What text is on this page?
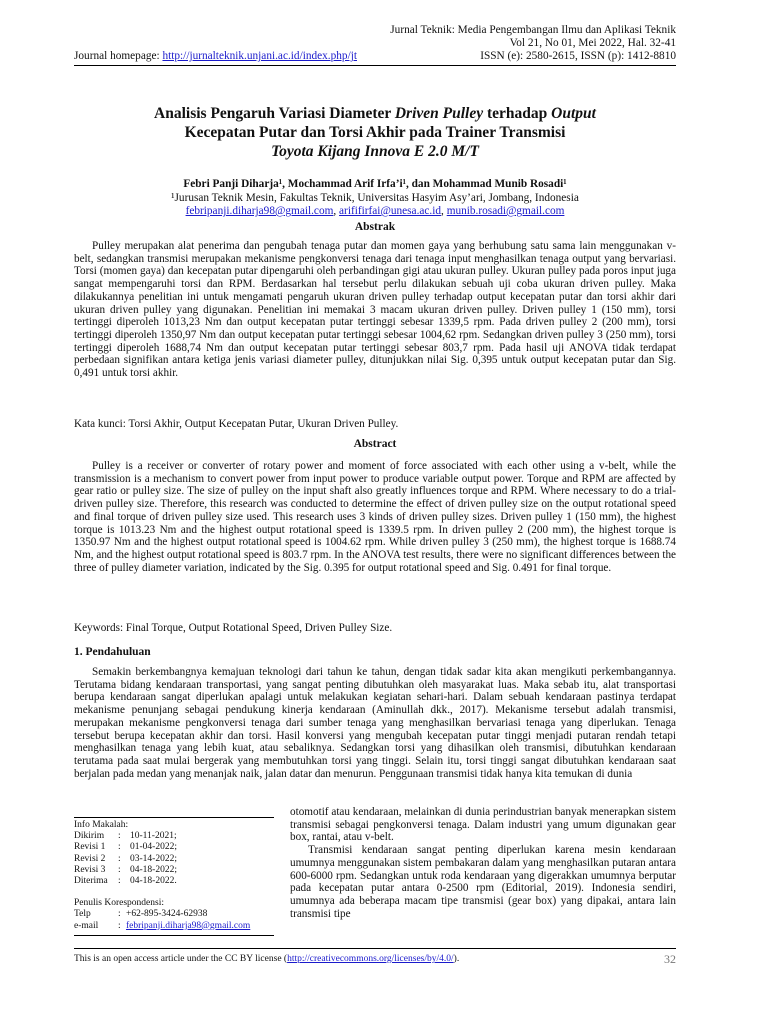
Jurnal Teknik: Media Pengembangan Ilmu dan Aplikasi Teknik
Vol 21, No 01, Mei 2022, Hal. 32-41
Journal homepage: http://jurnalteknik.unjani.ac.id/index.php/jt	ISSN (e): 2580-2615, ISSN (p): 1412-8810
Analisis Pengaruh Variasi Diameter Driven Pulley terhadap Output
Kecepatan Putar dan Torsi Akhir pada Trainer Transmisi
Toyota Kijang Innova E 2.0 M/T
Febri Panji Diharja¹, Mochammad Arif Irfa’i¹, dan Mohammad Munib Rosadi¹
¹Jurusan Teknik Mesin, Fakultas Teknik, Universitas Hasyim Asy’ari, Jombang, Indonesia
febripanji.diharja98@gmail.com, arififirfai@unesa.ac.id, munib.rosadi@gmail.com
Abstrak
Pulley merupakan alat penerima dan pengubah tenaga putar dan momen gaya yang berhubung satu sama lain menggunakan v-belt, sedangkan transmisi merupakan mekanisme pengkonversi tenaga dari tenaga input menghasilkan tenaga output yang bervariasi. Torsi (momen gaya) dan kecepatan putar dipengaruhi oleh perbandingan gigi atau ukuran pulley. Ukuran pulley pada poros input juga sangat mempengaruhi torsi dan RPM. Berdasarkan hal tersebut perlu dilakukan sebuah uji coba ukuran driven pulley. Maka dilakukannya penelitian ini untuk mengamati pengaruh ukuran driven pulley terhadap output kecepatan putar dan torsi akhir dari ukuran driven pulley yang digunakan. Penelitian ini memakai 3 macam ukuran driven pulley. Driven pulley 1 (150 mm), torsi tertinggi diperoleh 1013,23 Nm dan output kecepatan putar tertinggi sebesar 1339,5 rpm. Pada driven pulley 2 (200 mm), torsi tertinggi diperoleh 1350,97 Nm dan output kecepatan putar tertinggi sebesar 1004,62 rpm. Sedangkan driven pulley 3 (250 mm), torsi tertinggi diperoleh 1688,74 Nm dan output kecepatan putar tertinggi sebesar 803,7 rpm. Pada hasil uji ANOVA tidak terdapat perbedaan signifikan antara ketiga jenis variasi diameter pulley, ditunjukkan nilai Sig. 0,395 untuk output kecepatan putar dan Sig. 0,491 untuk torsi akhir.
Kata kunci: Torsi Akhir, Output Kecepatan Putar, Ukuran Driven Pulley.
Abstract
Pulley is a receiver or converter of rotary power and moment of force associated with each other using a v-belt, while the transmission is a mechanism to convert power from input power to produce variable output power. Torque and RPM are affected by gear ratio or pulley size. The size of pulley on the input shaft also greatly influences torque and RPM. Where necessary to do a trial-driven pulley size. Therefore, this research was conducted to determine the effect of driven pulley size on the output rotational speed and final torque of driven pulley size used. This research uses 3 kinds of driven pulley sizes. Driven pulley 1 (150 mm), the highest torque is 1013.23 Nm and the highest output rotational speed is 1339.5 rpm. In driven pulley 2 (200 mm), the highest torque is 1350.97 Nm and the highest output rotational speed is 1004.62 rpm. While driven pulley 3 (250 mm), the highest torque is 1688.74 Nm, and the highest output rotational speed is 803.7 rpm. In the ANOVA test results, there were no significant differences between the three of pulley diameter variation, indicated by the Sig. 0.395 for output rotational speed and Sig. 0.491 for final torque.
Keywords: Final Torque, Output Rotational Speed, Driven Pulley Size.
1. Pendahuluan
Semakin berkembangnya kemajuan teknologi dari tahun ke tahun, dengan tidak sadar kita akan mengikuti perkembangannya. Terutama bidang kendaraan transportasi, yang sangat penting dibutuhkan oleh masyarakat luas. Maka sebab itu, alat transportasi berupa kendaraan sangat diperlukan apalagi untuk melakukan kegiatan sehari-hari. Dalam sebuah kendaraan pastinya terdapat mekanisme penunjang sebagai pendukung kinerja kendaraan (Aminullah dkk., 2017). Mekanisme tersebut adalah transmisi, merupakan mekanisme pengkonversi tenaga dari sumber tenaga yang menghasilkan bervariasi tenaga yang diperlukan. Tenaga tersebut berupa kecepatan akhir dan torsi. Hasil konversi yang mengubah kecepatan putar tinggi menjadi putaran rendah tetapi menghasilkan tenaga yang lebih kuat, atau sebaliknya. Sedangkan torsi yang dihasilkan oleh transmisi, dibutuhkan kendaraan terutama pada saat mulai bergerak yang membutuhkan torsi yang tinggi. Selain itu, torsi tinggi sangat dibutuhkan kendaraan saat berjalan pada medan yang menanjak naik, jalan datar dan menurun. Penggunaan transmisi tidak hanya kita temukan di dunia
Info Makalah:
Dikirim	:	10-11-2021;
Revisi 1	:	01-04-2022;
Revisi 2	:	03-14-2022;
Revisi 3	:	04-18-2022;
Diterima	:	04-18-2022.
Penulis Korespondensi:
Telp	:	+62-895-3424-62938
e-mail	:	febripanji.diharja98@gmail.com

otomotif atau kendaraan, melainkan di dunia perindustrian banyak menerapkan sistem transmisi sebagai pengkonversi tenaga. Dalam industri yang umum digunakan gear box, rantai, atau v-belt.

Transmisi kendaraan sangat penting diperlukan karena mesin kendaraan umumnya menggunakan sistem pembakaran dalam yang menghasilkan putaran antara 600-6000 rpm. Sedangkan untuk roda kendaraan yang digerakkan umumnya berputar pada kecepatan putar antara 0-2500 rpm (Editorial, 2019). Indonesia sendiri, umumnya ada beberapa macam tipe transmisi (gear box) yang dipakai, antara lain transmisi tipe

This is an open access article under the CC BY license (http://creativecommons.org/licenses/by/4.0/).	32
